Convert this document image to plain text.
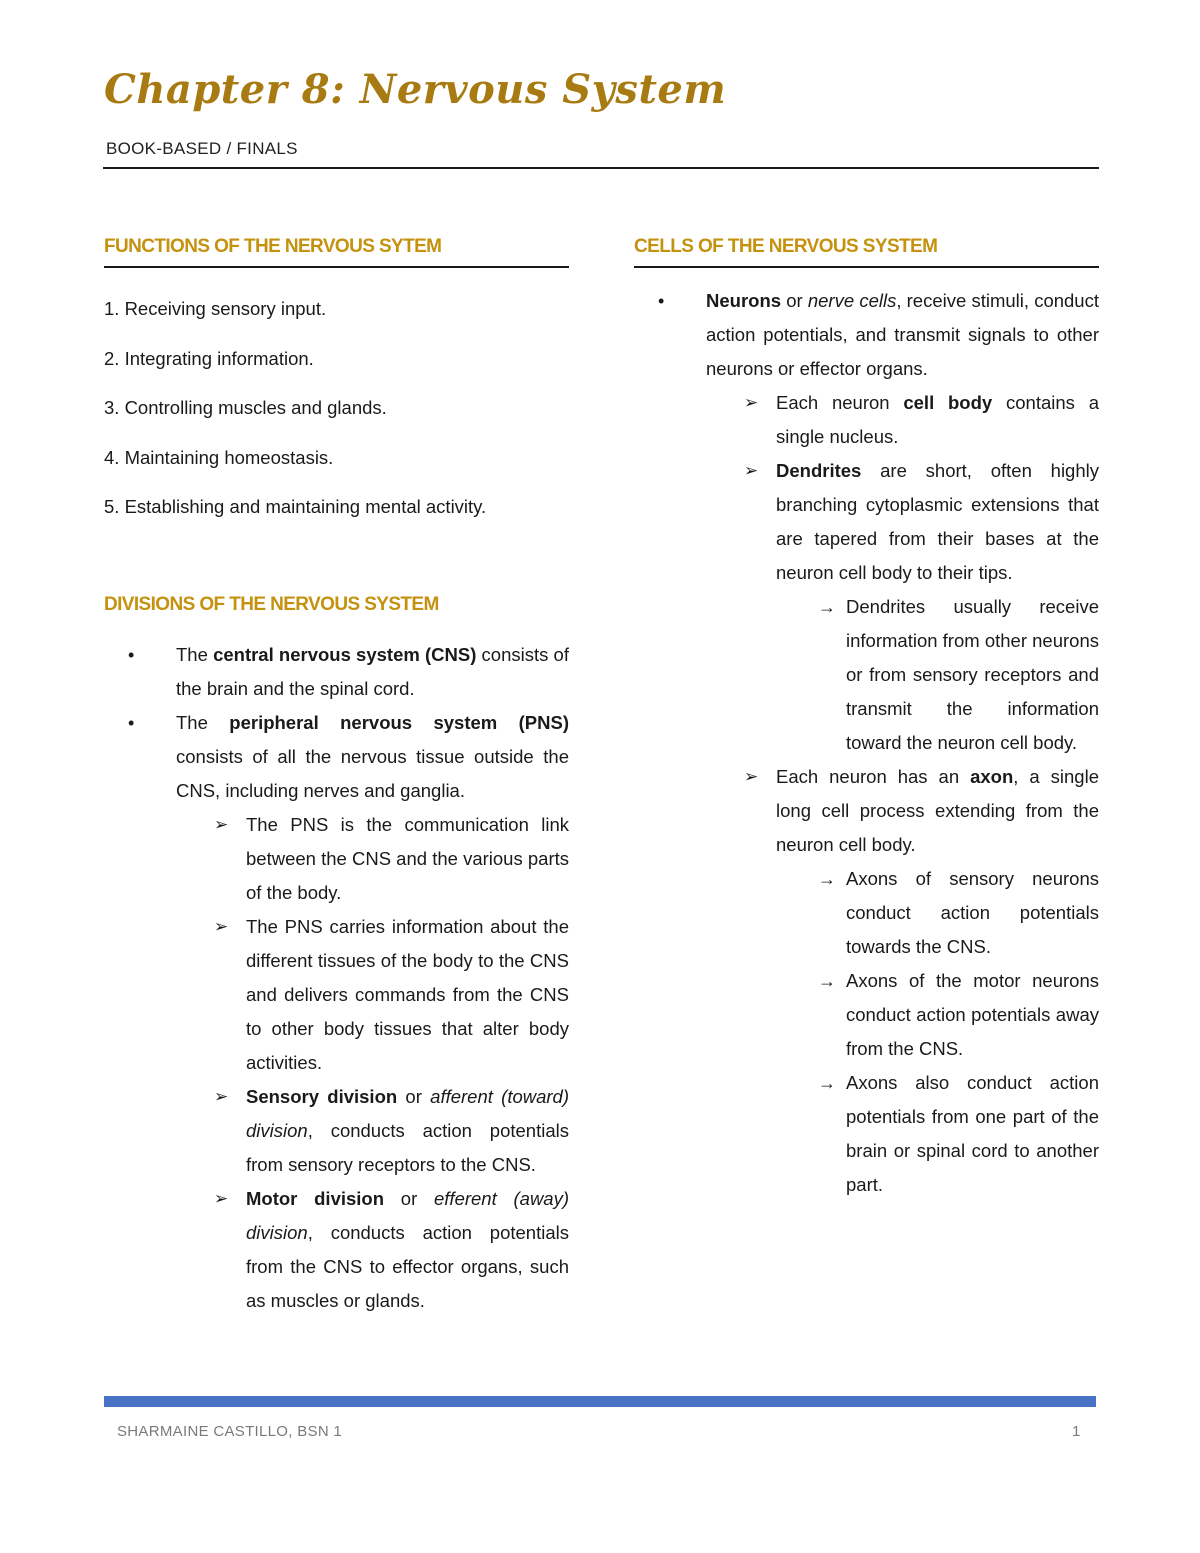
Chapter 8: Nervous System
BOOK-BASED / FINALS
FUNCTIONS OF THE NERVOUS SYTEM
1. Receiving sensory input.
2. Integrating information.
3. Controlling muscles and glands.
4. Maintaining homeostasis.
5. Establishing and maintaining mental activity.
DIVISIONS OF THE NERVOUS SYSTEM
• The central nervous system (CNS) consists of the brain and the spinal cord.
• The peripheral nervous system (PNS) consists of all the nervous tissue outside the CNS, including nerves and ganglia.
➢ The PNS is the communication link between the CNS and the various parts of the body.
➢ The PNS carries information about the different tissues of the body to the CNS and delivers commands from the CNS to other body tissues that alter body activities.
➢ Sensory division or afferent (toward) division, conducts action potentials from sensory receptors to the CNS.
➢ Motor division or efferent (away) division, conducts action potentials from the CNS to effector organs, such as muscles or glands.
CELLS OF THE NERVOUS SYSTEM
• Neurons or nerve cells, receive stimuli, conduct action potentials, and transmit signals to other neurons or effector organs.
➢ Each neuron cell body contains a single nucleus.
➢ Dendrites are short, often highly branching cytoplasmic extensions that are tapered from their bases at the neuron cell body to their tips.
→ Dendrites usually receive information from other neurons or from sensory receptors and transmit the information toward the neuron cell body.
➢ Each neuron has an axon, a single long cell process extending from the neuron cell body.
→ Axons of sensory neurons conduct action potentials towards the CNS.
→ Axons of the motor neurons conduct action potentials away from the CNS.
→ Axons also conduct action potentials from one part of the brain or spinal cord to another part.
SHARMAINE CASTILLO, BSN 1	1
